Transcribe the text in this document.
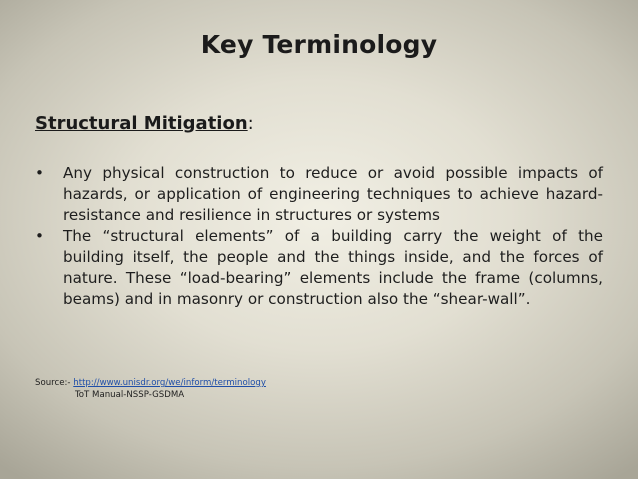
Key Terminology
Structural Mitigation:
• Any physical construction to reduce or avoid possible impacts of hazards, or application of engineering techniques to achieve hazard-resistance and resilience in structures or systems
• The “structural elements” of a building carry the weight of the building itself, the people and the things inside, and the forces of nature. These “load-bearing” elements include the frame (columns, beams) and in masonry or construction also the “shear-wall”.
Source:- http://www.unisdr.org/we/inform/terminology
ToT Manual-NSSP-GSDMA
